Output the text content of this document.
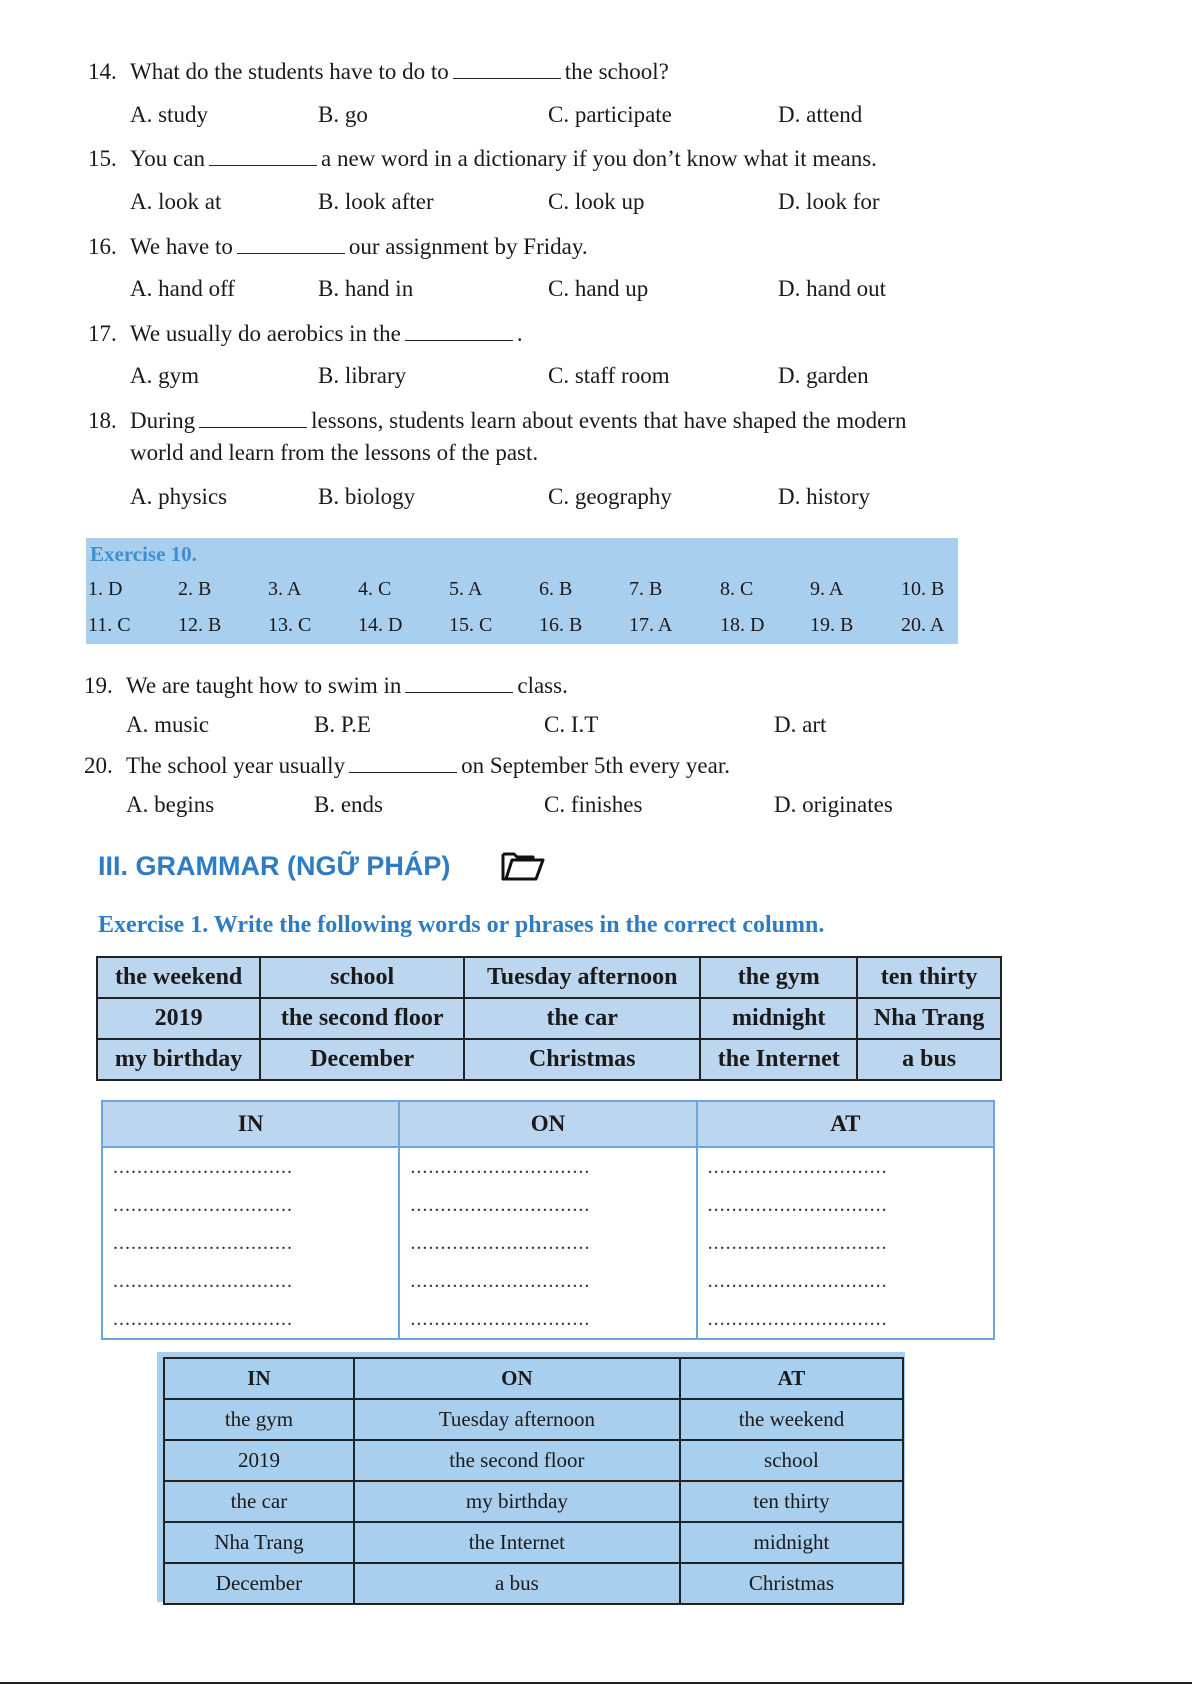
14. What do the students have to do to	the school?
A. study	B. go	C. participate	D. attend
15. You can	a new word in a dictionary if you don’t know what it means.
A. look at	B. look after	C. look up	D. look for
16. We have to	our assignment by Friday.
A. hand off	B. hand in	C. hand up	D. hand out
17. We usually do aerobics in the	.
A. gym	B. library	C. staff room	D. garden
18. During	lessons, students learn about events that have shaped the modern
world and learn from the lessons of the past.
A. physics	B. biology	C. geography	D. history
Exercise 10.
1. D	2. B	3. A	4. C	5. A	6. B	7. B	8. C	9. A	10. B
11. C 12. B 13. C 14. D 15. C 16. B 17. A 18. D 19. B 20. A
19. We are taught how to swim in	class.
A. music	B. P.E	C. I.T	D. art
20. The school year usually	on September 5th every year.
A. begins	B. ends	C. finishes	D. originates
III. GRAMMAR (NGỮ PHÁP)
Exercise 1. Write the following words or phrases in the correct column.
the weekend	school	Tuesday afternoon	the gym	ten thirty
2019	the second floor	the car	midnight	Nha Trang
my birthday	December	Christmas	the Internet	a bus
IN	ON	AT
..............................	..............................	..............................
..............................	..............................	..............................
..............................	..............................	..............................
..............................	..............................	..............................
..............................	..............................	..............................
IN	ON	AT
the gym	Tuesday afternoon	the weekend
2019	the second floor	school
the car	my birthday	ten thirty
Nha Trang	the Internet	midnight
December	a bus	Christmas
